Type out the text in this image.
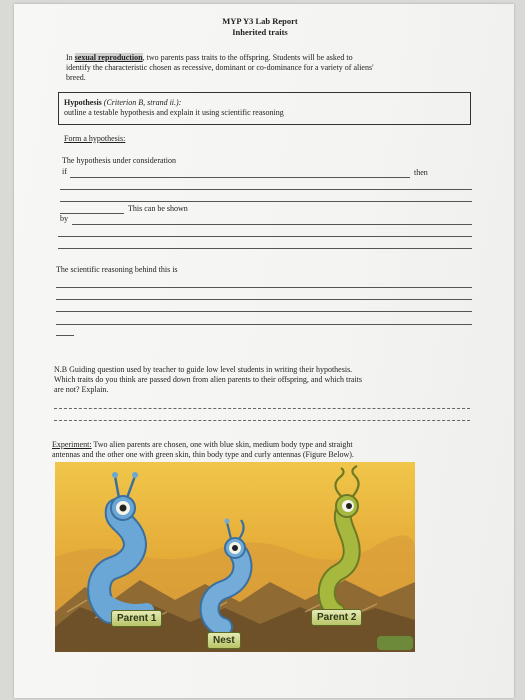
MYP Y3 Lab Report
Inherited traits
In sexual reproduction, two parents pass traits to the offspring. Students will be asked to
identify the characteristic chosen as recessive, dominant or co-dominance for a variety of aliens'
breed.
Hypothesis (Criterion B, strand ii.):
outline a testable hypothesis and explain it using scientific reasoning
Form a hypothesis:
The hypothesis under consideration
if	then
This can be shown
by
The scientific reasoning behind this is
N.B Guiding question used by teacher to guide low level students in writing their hypothesis.
Which traits do you think are passed down from alien parents to their offspring, and which traits
are not? Explain.
Experiment: Two alien parents are chosen, one with blue skin, medium body type and straight
antennas and the other one with green skin, thin body type and curly antennas (Figure Below).
Parent 1	Parent 2
Nest
